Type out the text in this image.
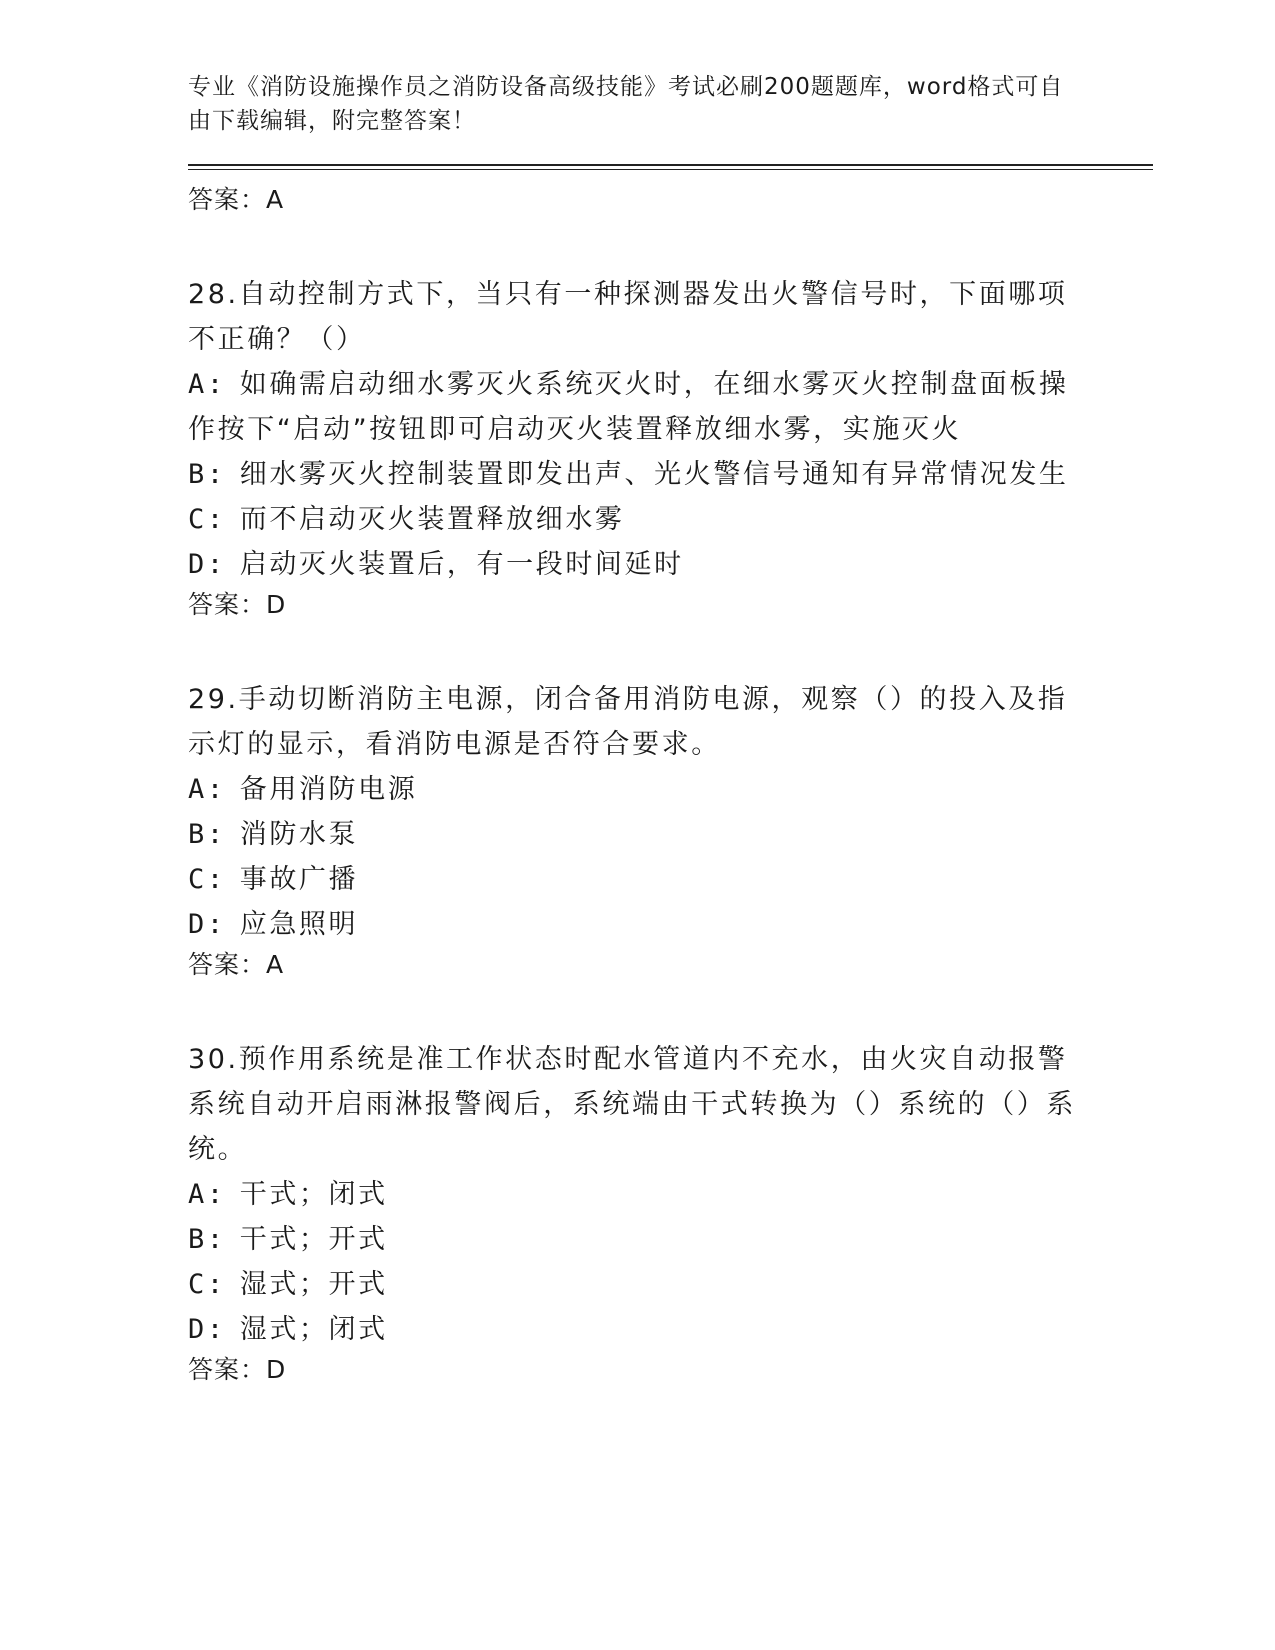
专业《消防设施操作员之消防设备高级技能》考试必刷200题题库，word格式可自由下载编辑，附完整答案！

答案：A

28.自动控制方式下，当只有一种探测器发出火警信号时，下面哪项不正确？（）

A: 如确需启动细水雾灭火系统灭火时，在细水雾灭火控制盘面板操作按下“启动”按钮即可启动灭火装置释放细水雾，实施灭火

B: 细水雾灭火控制装置即发出声、光火警信号通知有异常情况发生

C: 而不启动灭火装置释放细水雾

D: 启动灭火装置后，有一段时间延时

答案：D

29.手动切断消防主电源，闭合备用消防电源，观察（）的投入及指示灯的显示，看消防电源是否符合要求。

A: 备用消防电源

B: 消防水泵

C: 事故广播

D: 应急照明

答案：A

30.预作用系统是准工作状态时配水管道内不充水，由火灾自动报警系统自动开启雨淋报警阀后，系统端由干式转换为（）系统的（）系统。

A: 干式；闭式

B: 干式；开式

C: 湿式；开式

D: 湿式；闭式

答案：D
